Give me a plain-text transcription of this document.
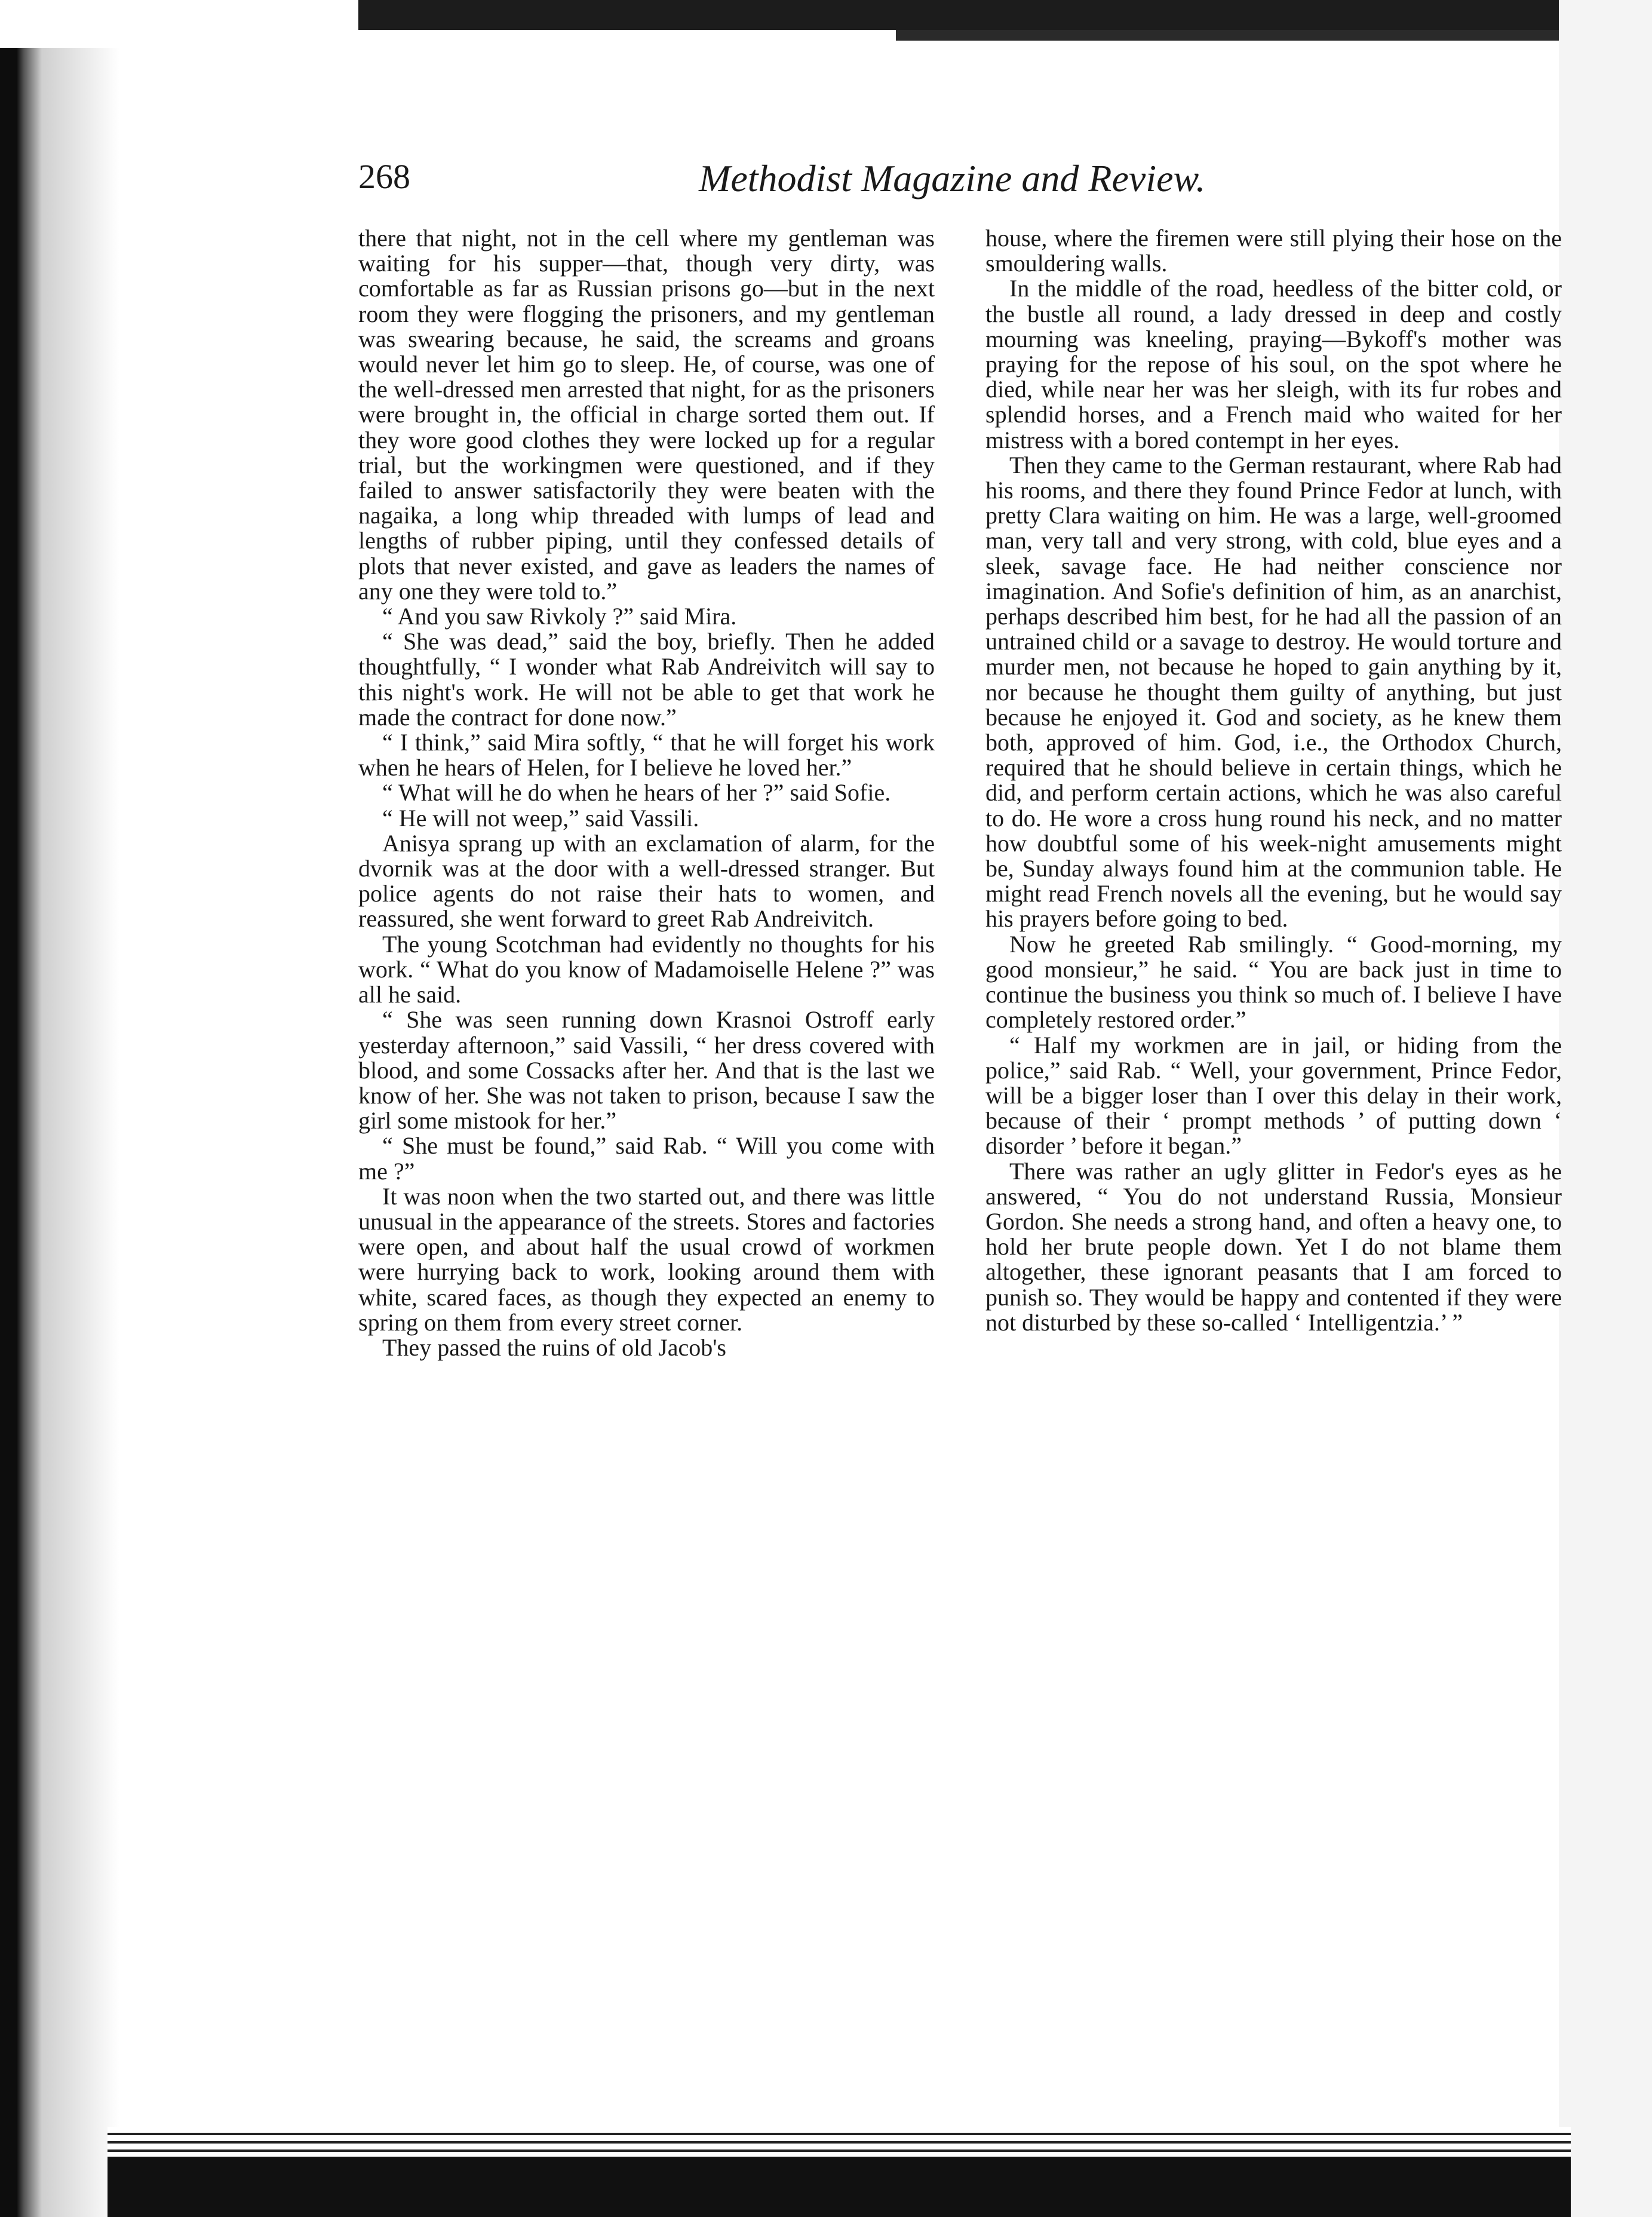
268	Methodist Magazine and Review.

there that night, not in the cell where my gentleman was waiting for his supper—that, though very dirty, was comfortable as far as Russian prisons go—but in the next room they were flogging the prisoners, and my gentleman was swearing because, he said, the screams and groans would never let him go to sleep. He, of course, was one of the well-dressed men arrested that night, for as the prisoners were brought in, the official in charge sorted them out. If they wore good clothes they were locked up for a regular trial, but the workingmen were questioned, and if they failed to answer satisfactorily they were beaten with the nagaika, a long whip threaded with lumps of lead and lengths of rubber piping, until they confessed details of plots that never existed, and gave as leaders the names of any one they were told to.”

“ And you saw Rivkoly ?” said Mira.

“ She was dead,” said the boy, briefly. Then he added thoughtfully, “ I wonder what Rab Andreivitch will say to this night's work. He will not be able to get that work he made the contract for done now.”

“ I think,” said Mira softly, “ that he will forget his work when he hears of Helen, for I believe he loved her.”

“ What will he do when he hears of her ?” said Sofie.

“ He will not weep,” said Vassili.

Anisya sprang up with an exclamation of alarm, for the dvornik was at the door with a well-dressed stranger. But police agents do not raise their hats to women, and reassured, she went forward to greet Rab Andreivitch.

The young Scotchman had evidently no thoughts for his work. “ What do you know of Madamoiselle Helene ?” was all he said.

“ She was seen running down Krasnoi Ostroff early yesterday afternoon,” said Vassili, “ her dress covered with blood, and some Cossacks after her. And that is the last we know of her. She was not taken to prison, because I saw the girl some mistook for her.”

“ She must be found,” said Rab. “ Will you come with me ?”

It was noon when the two started out, and there was little unusual in the appearance of the streets. Stores and factories were open, and about half the usual crowd of workmen were hurrying back to work, looking around them with white, scared faces, as though they expected an enemy to spring on them from every street corner.

They passed the ruins of old Jacob's

house, where the firemen were still plying their hose on the smouldering walls.

In the middle of the road, heedless of the bitter cold, or the bustle all round, a lady dressed in deep and costly mourning was kneeling, praying—Bykoff's mother was praying for the repose of his soul, on the spot where he died, while near her was her sleigh, with its fur robes and splendid horses, and a French maid who waited for her mistress with a bored contempt in her eyes.

Then they came to the German restaurant, where Rab had his rooms, and there they found Prince Fedor at lunch, with pretty Clara waiting on him. He was a large, well-groomed man, very tall and very strong, with cold, blue eyes and a sleek, savage face. He had neither conscience nor imagination. And Sofie's definition of him, as an anarchist, perhaps described him best, for he had all the passion of an untrained child or a savage to destroy. He would torture and murder men, not because he hoped to gain anything by it, nor because he thought them guilty of anything, but just because he enjoyed it. God and society, as he knew them both, approved of him. God, i.e., the Orthodox Church, required that he should believe in certain things, which he did, and perform certain actions, which he was also careful to do. He wore a cross hung round his neck, and no matter how doubtful some of his week-night amusements might be, Sunday always found him at the communion table. He might read French novels all the evening, but he would say his prayers before going to bed.

Now he greeted Rab smilingly. “ Good-morning, my good monsieur,” he said. “ You are back just in time to continue the business you think so much of. I believe I have completely restored order.”

“ Half my workmen are in jail, or hiding from the police,” said Rab. “ Well, your government, Prince Fedor, will be a bigger loser than I over this delay in their work, because of their ‘ prompt methods ’ of putting down ‘ disorder ’ before it began.”

There was rather an ugly glitter in Fedor's eyes as he answered, “ You do not understand Russia, Monsieur Gordon. She needs a strong hand, and often a heavy one, to hold her brute people down. Yet I do not blame them altogether, these ignorant peasants that I am forced to punish so. They would be happy and contented if they were not disturbed by these so-called ‘ Intelligentzia.’ ”
